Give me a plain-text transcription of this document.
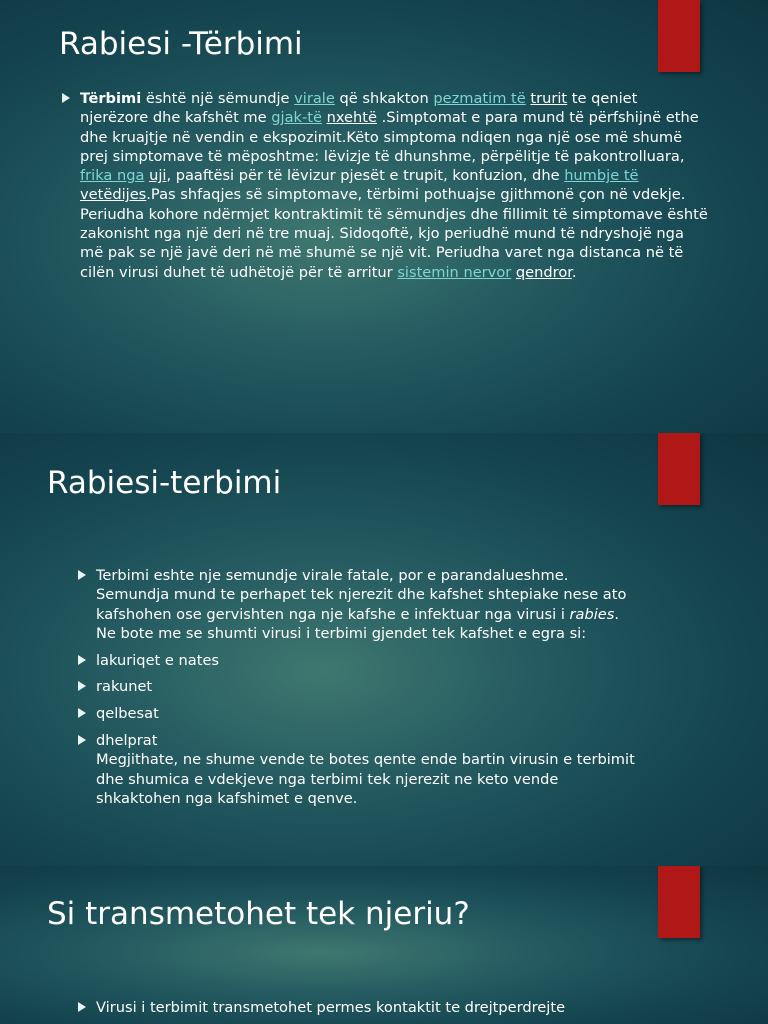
Rabiesi -Tërbimi
Tërbimi është një sëmundje virale që shkakton pezmatim të trurit te qeniet njerëzore dhe kafshët me gjak-të nxehtë .Simptomat e para mund të përfshijnë ethe dhe kruajtje në vendin e ekspozimit.Këto simptoma ndiqen nga një ose më shumë prej simptomave të mëposhtme: lëvizje të dhunshme, përpëlitje të pakontrolluara, frika nga uji, paaftësi për të lëvizur pjesët e trupit, konfuzion, dhe humbje të vetëdijes.Pas shfaqjes së simptomave, tërbimi pothuajse gjithmonë çon në vdekje. Periudha kohore ndërmjet kontraktimit të sëmundjes dhe fillimit të simptomave është zakonisht nga një deri në tre muaj. Sidoqoftë, kjo periudhë mund të ndryshojë nga më pak se një javë deri në më shumë se një vit. Periudha varet nga distanca në të cilën virusi duhet të udhëtojë për të arritur sistemin nervor qendror.
Rabiesi-terbimi
Terbimi eshte nje semundje virale fatale, por e parandalueshme. Semundja mund te perhapet tek njerezit dhe kafshet shtepiake nese ato kafshohen ose gervishten nga nje kafshe e infektuar nga virusi i rabies. Ne bote me se shumti virusi i terbimi gjendet tek kafshet e egra si:
lakuriqet e nates
rakunet
qelbesat
dhelprat
Megjithate, ne shume vende te botes qente ende bartin virusin e terbimit dhe shumica e vdekjeve nga terbimi tek njerezit ne keto vende shkaktohen nga kafshimet e qenve.
Si transmetohet tek njeriu?
Virusi i terbimit transmetohet permes kontaktit te drejtperdrejte
